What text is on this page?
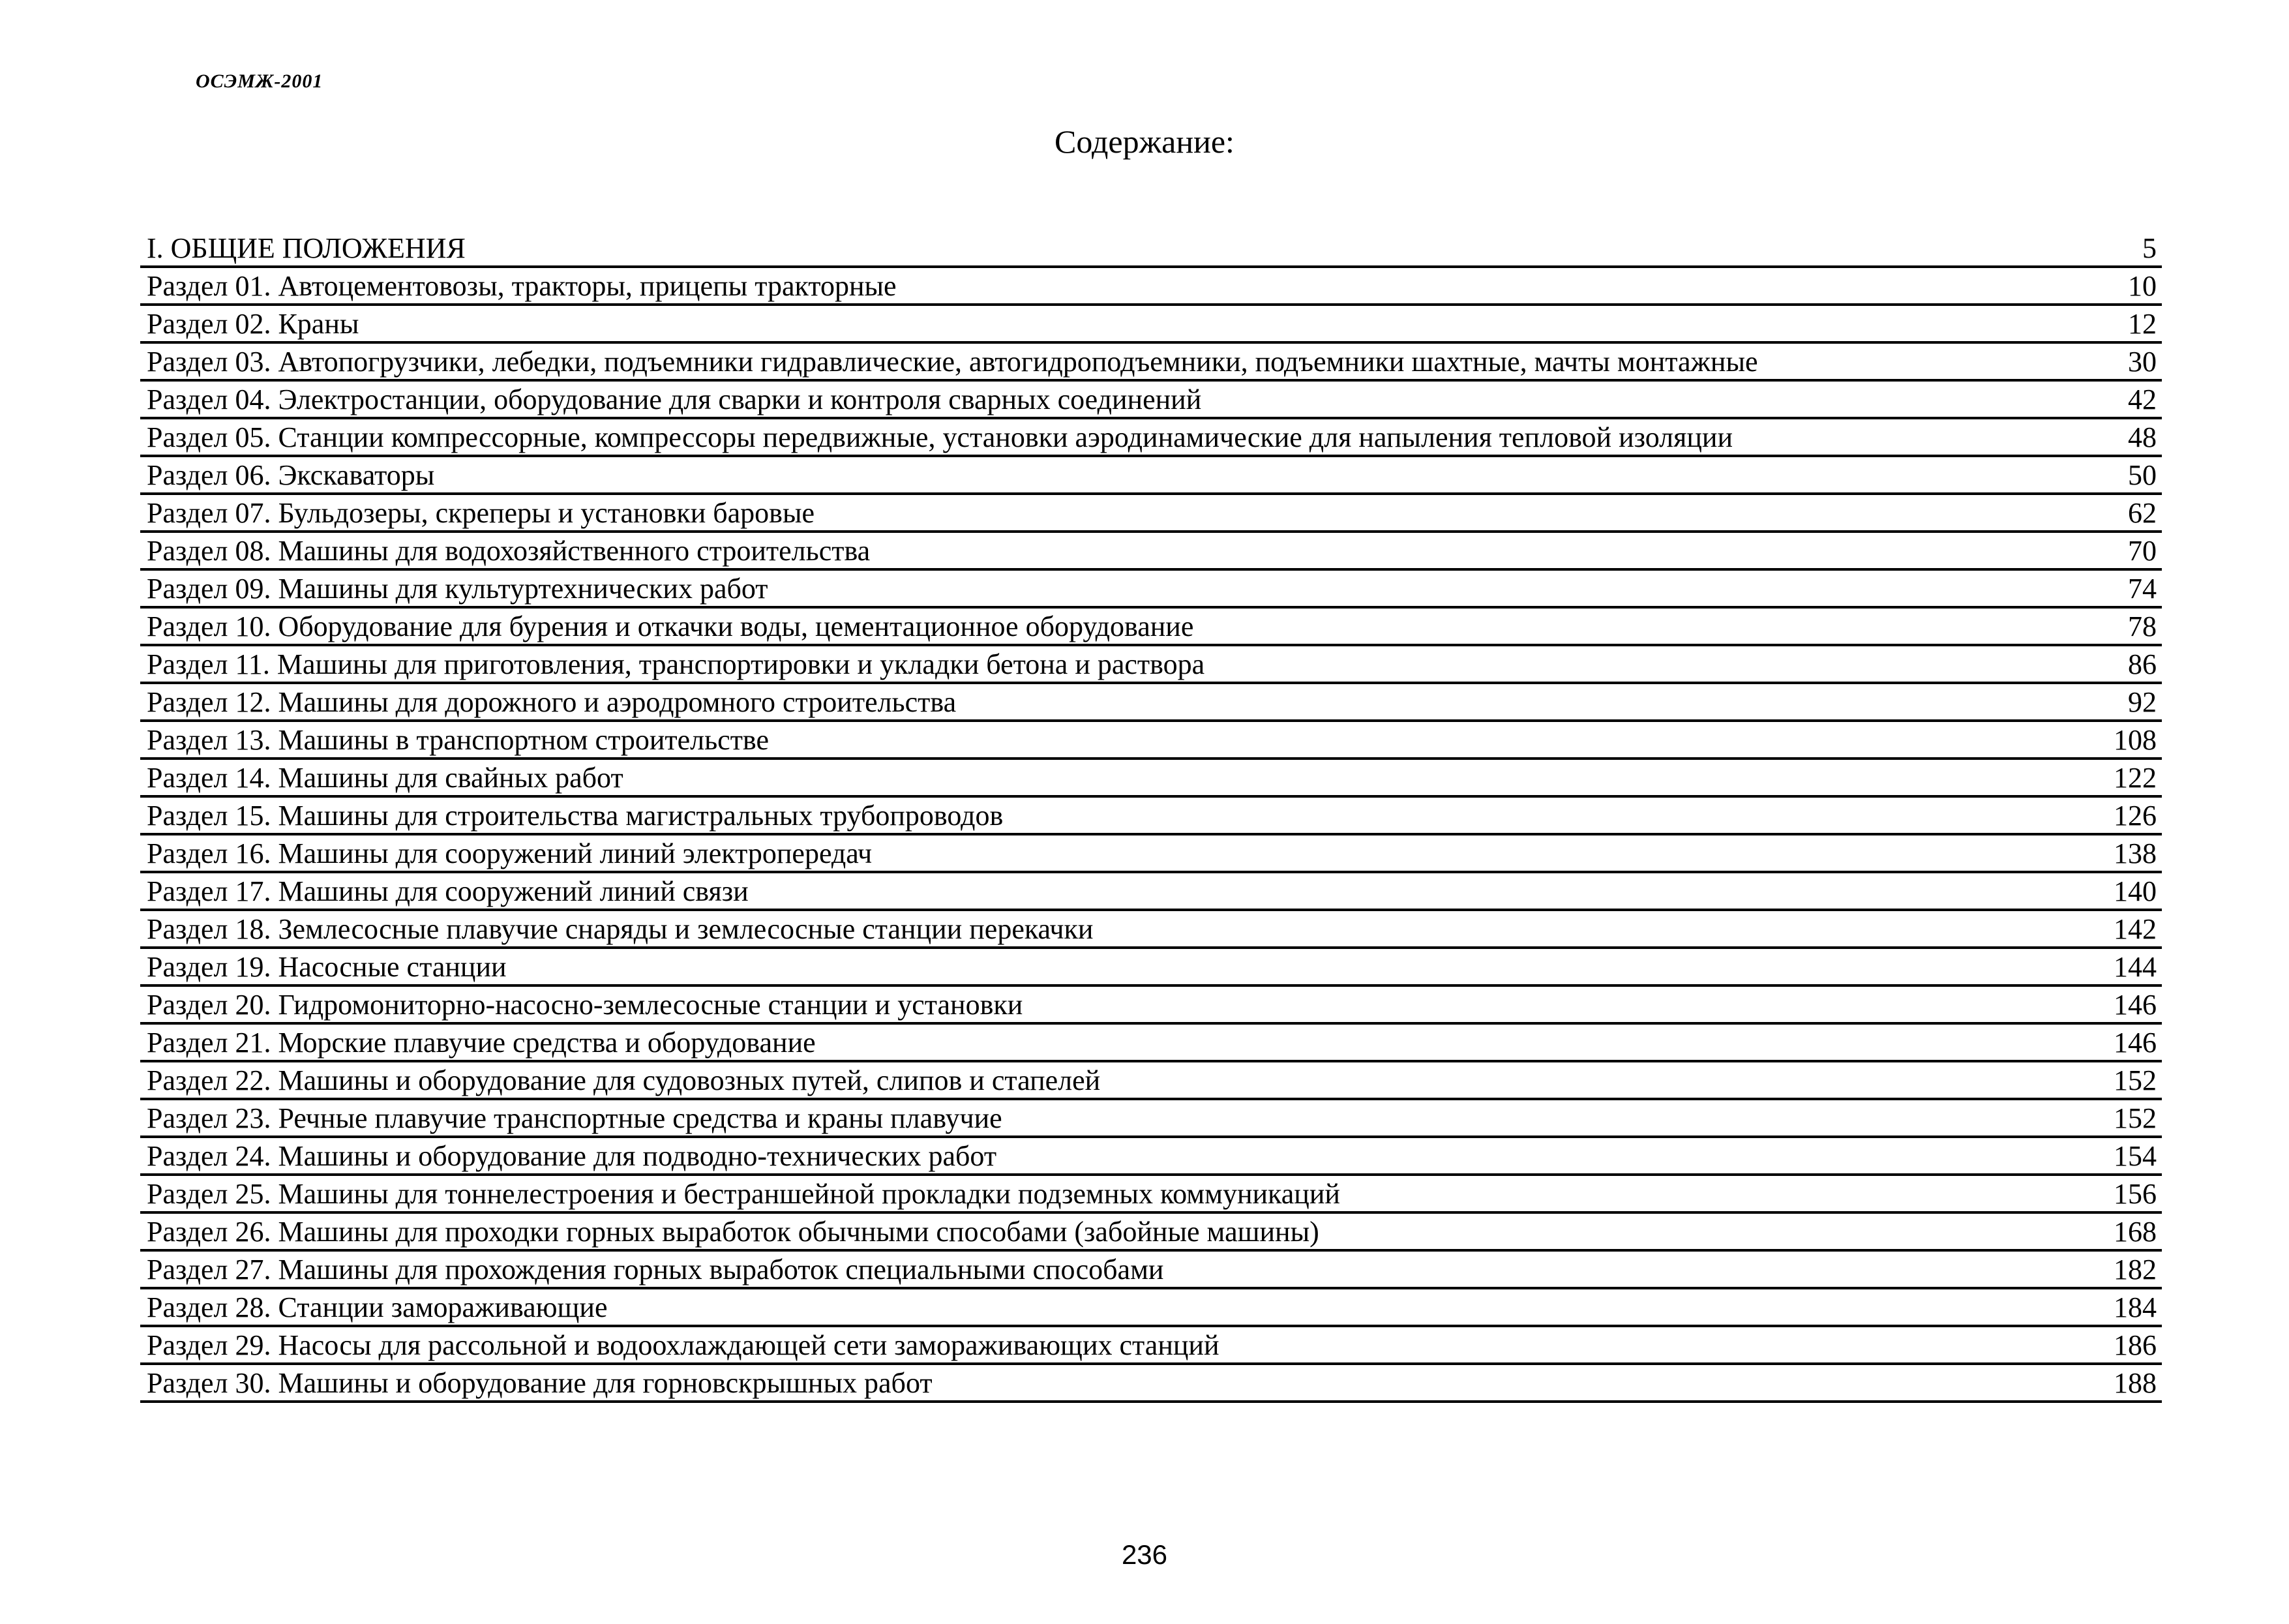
ОСЭМЖ-2001
Содержание:
I. ОБЩИЕ ПОЛОЖЕНИЯ	5
Раздел 01. Автоцементовозы, тракторы, прицепы тракторные	10
Раздел 02. Краны	12
Раздел 03. Автопогрузчики, лебедки, подъемники гидравлические, автогидроподъемники, подъемники шахтные, мачты монтажные	30
Раздел 04. Электростанции, оборудование для сварки и контроля сварных соединений	42
Раздел 05. Станции компрессорные, компрессоры передвижные, установки аэродинамические для напыления тепловой изоляции	48
Раздел 06. Экскаваторы	50
Раздел 07. Бульдозеры, скреперы и установки баровые	62
Раздел 08. Машины для водохозяйственного строительства	70
Раздел 09. Машины для культуртехнических работ	74
Раздел 10. Оборудование для бурения и откачки воды, цементационное оборудование	78
Раздел 11. Машины для приготовления, транспортировки и укладки бетона и раствора	86
Раздел 12. Машины для дорожного и аэродромного строительства	92
Раздел 13. Машины в транспортном строительстве	108
Раздел 14. Машины для свайных работ	122
Раздел 15. Машины для строительства магистральных трубопроводов	126
Раздел 16. Машины для сооружений линий электропередач	138
Раздел 17. Машины для сооружений линий связи	140
Раздел 18. Землесосные плавучие снаряды и землесосные станции перекачки	142
Раздел 19. Насосные станции	144
Раздел 20. Гидромониторно-насосно-землесосные станции и установки	146
Раздел 21. Морские плавучие средства и оборудование	146
Раздел 22. Машины и оборудование для судовозных путей, слипов и стапелей	152
Раздел 23. Речные плавучие транспортные средства и краны плавучие	152
Раздел 24. Машины и оборудование для подводно-технических работ	154
Раздел 25. Машины для тоннелестроения и бестраншейной прокладки подземных коммуникаций	156
Раздел 26. Машины для проходки горных выработок обычными способами (забойные машины)	168
Раздел 27. Машины для прохождения горных выработок специальными способами	182
Раздел 28. Станции замораживающие	184
Раздел 29. Насосы для рассольной и водоохлаждающей сети замораживающих станций	186
Раздел 30. Машины и оборудование для горновскрышных работ	188
236
